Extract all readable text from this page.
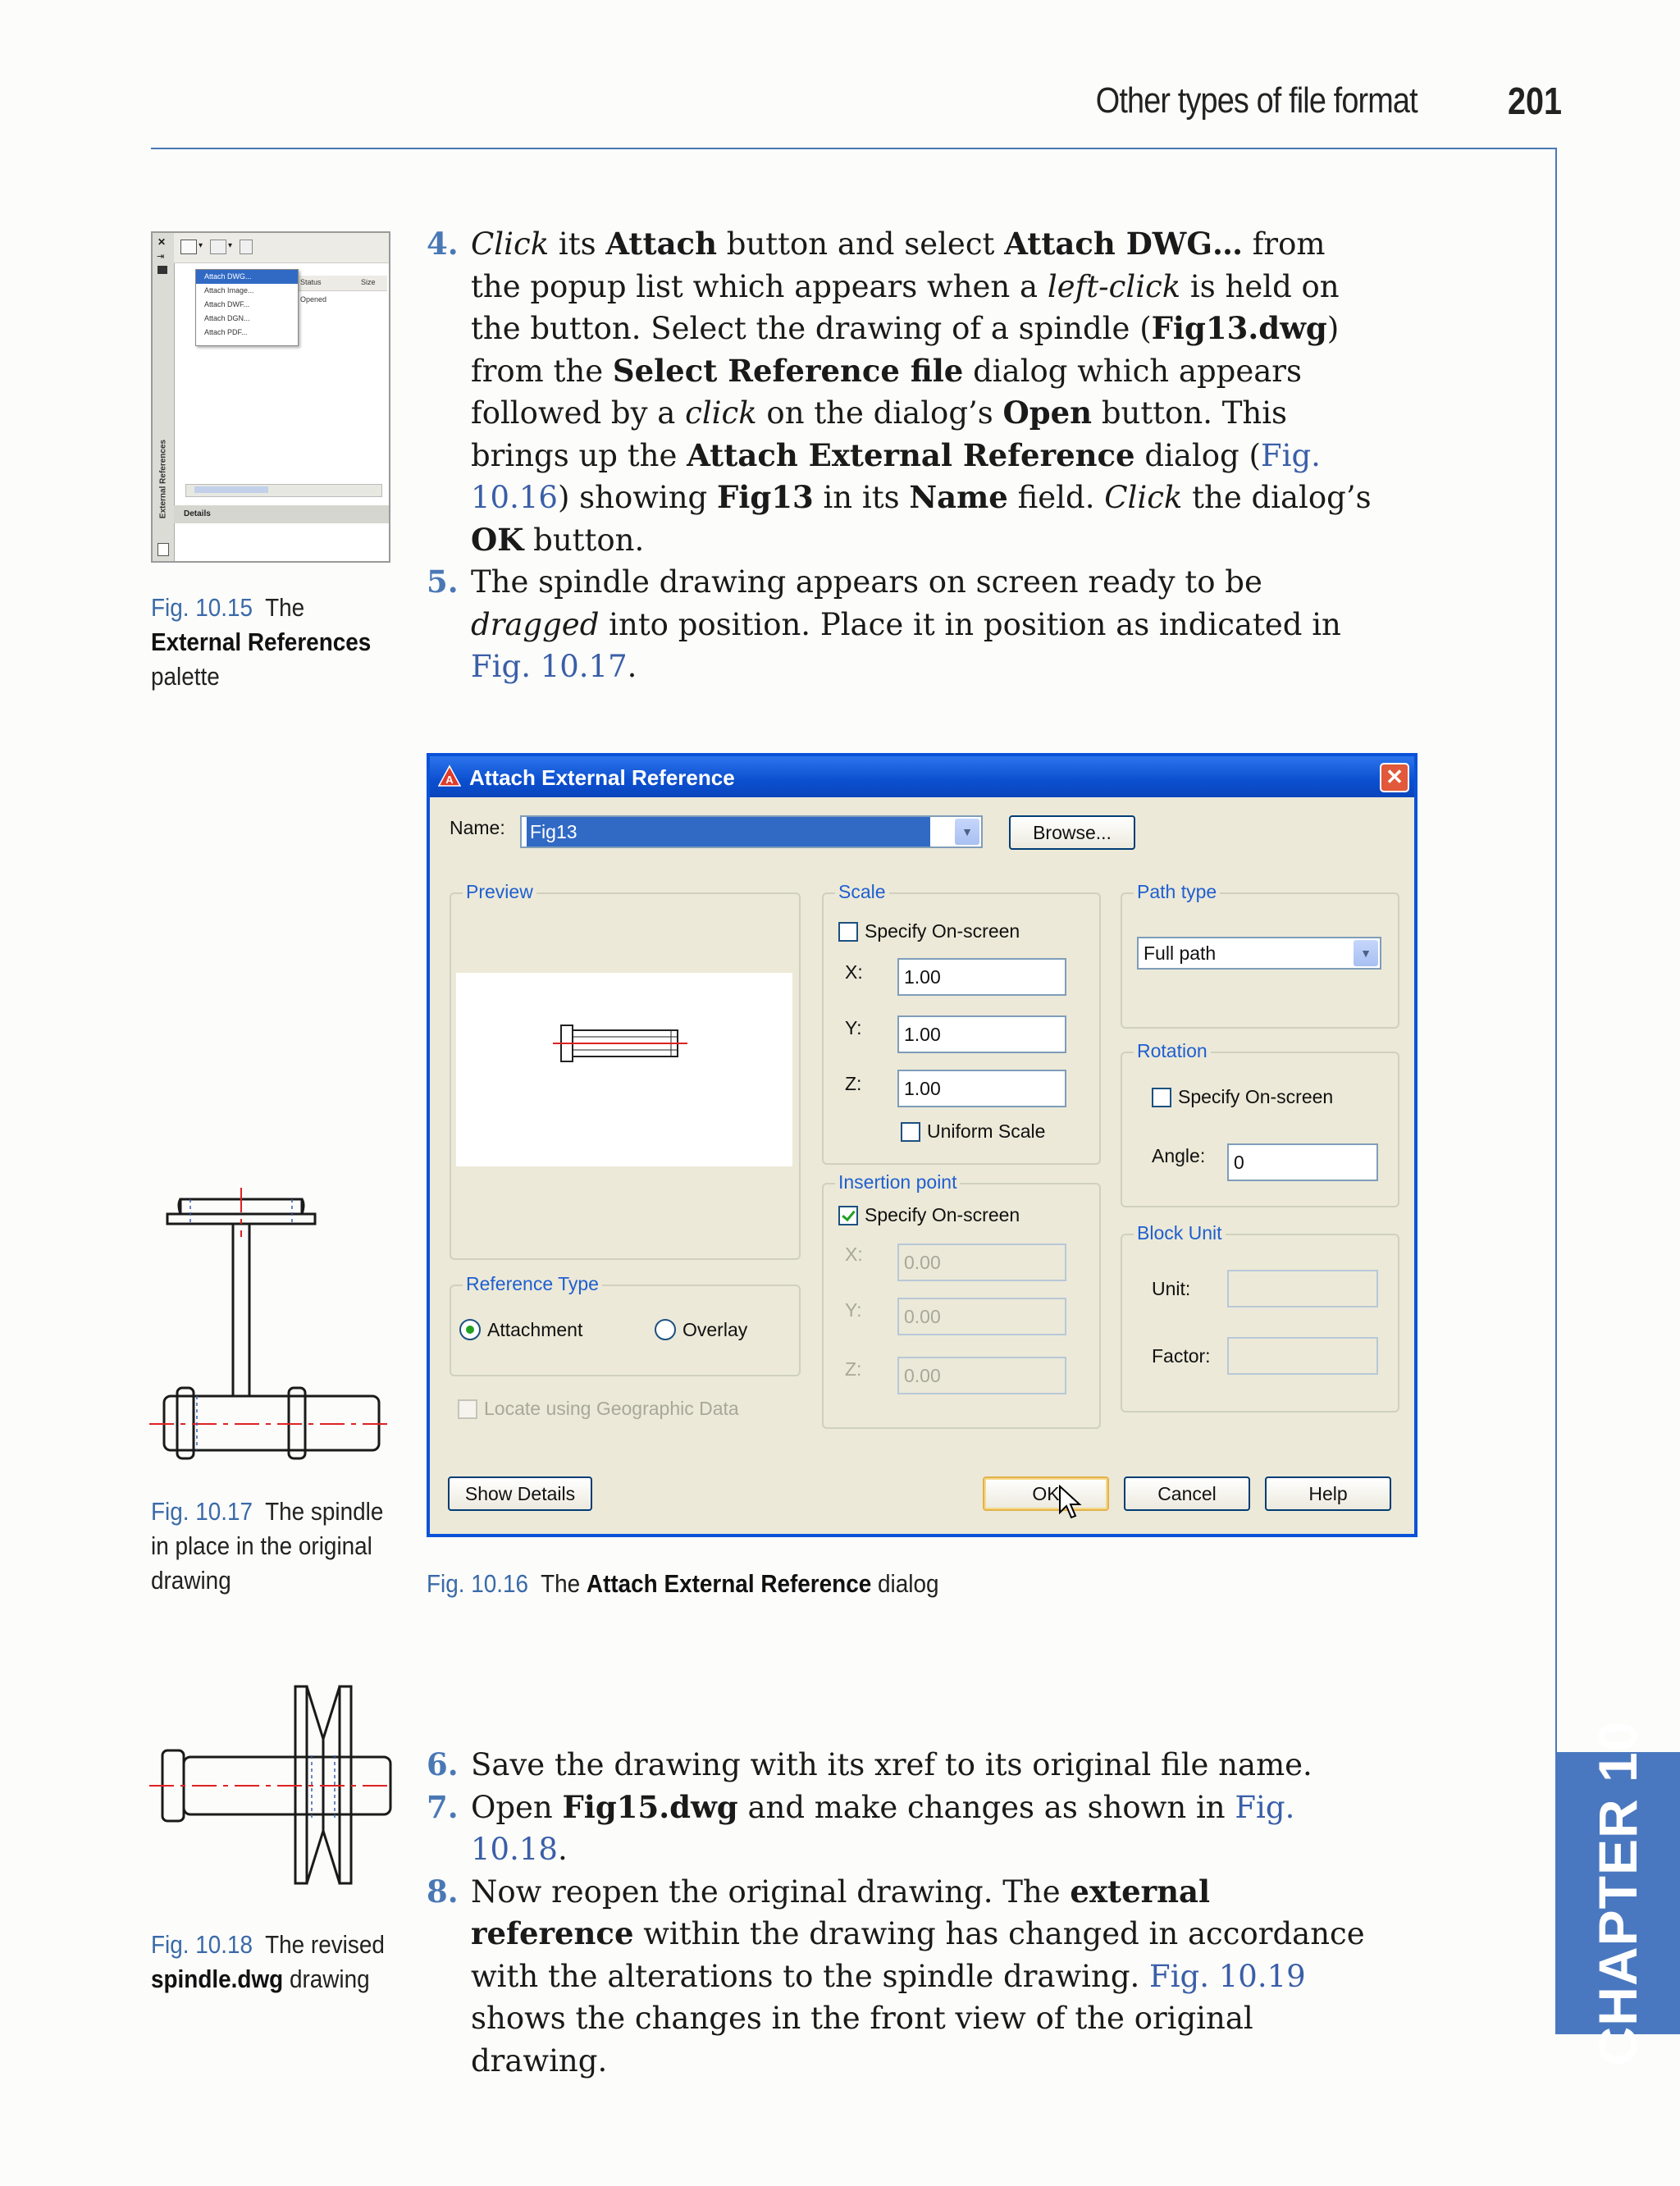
Other types of file format 201
CHAPTER 10
4. Click its Attach button and select Attach DWG… from the popup list which appears when a left-click is held on the button. Select the drawing of a spindle (Fig13.dwg) from the Select Reference file dialog which appears followed by a click on the dialog’s Open button. This brings up the Attach External Reference dialog (Fig. 10.16) showing Fig13 in its Name field. Click the dialog’s OK button.
5. The spindle drawing appears on screen ready to be dragged into position. Place it in position as indicated in Fig. 10.17.
6. Save the drawing with its xref to its original file name.
7. Open Fig15.dwg and make changes as shown in Fig. 10.18.
8. Now reopen the original drawing. The external reference within the drawing has changed in accordance with the alterations to the spindle drawing. Fig. 10.19 shows the changes in the front view of the original drawing.
✕
⇥
External References
▾	▾
Status	Size
Opened
Attach DWG...
Attach Image...
Attach DWF...
Attach DGN...
Attach PDF...
Details
Fig. 10.15 The External References palette
A Attach External Reference	✕
Name:	Fig13	▼	Browse...
Preview	Scale
Specify On-screen
X:	1.00
Y:	1.00
Z:	1.00
Uniform Scale
Insertion point
Specify On-screen
X:	0.00
Y:	0.00
Z:	0.00
Path type
Full path	▼
Rotation
Specify On-screen
Angle:	0
Block Unit
Unit:
Factor:
Reference Type
Attachment	Overlay
Locate using Geographic Data
Show Details	OK	Cancel	Help
Fig. 10.16 The Attach External Reference dialog
Fig. 10.17 The spindle in place in the original drawing
Fig. 10.18 The revised spindle.dwg drawing
